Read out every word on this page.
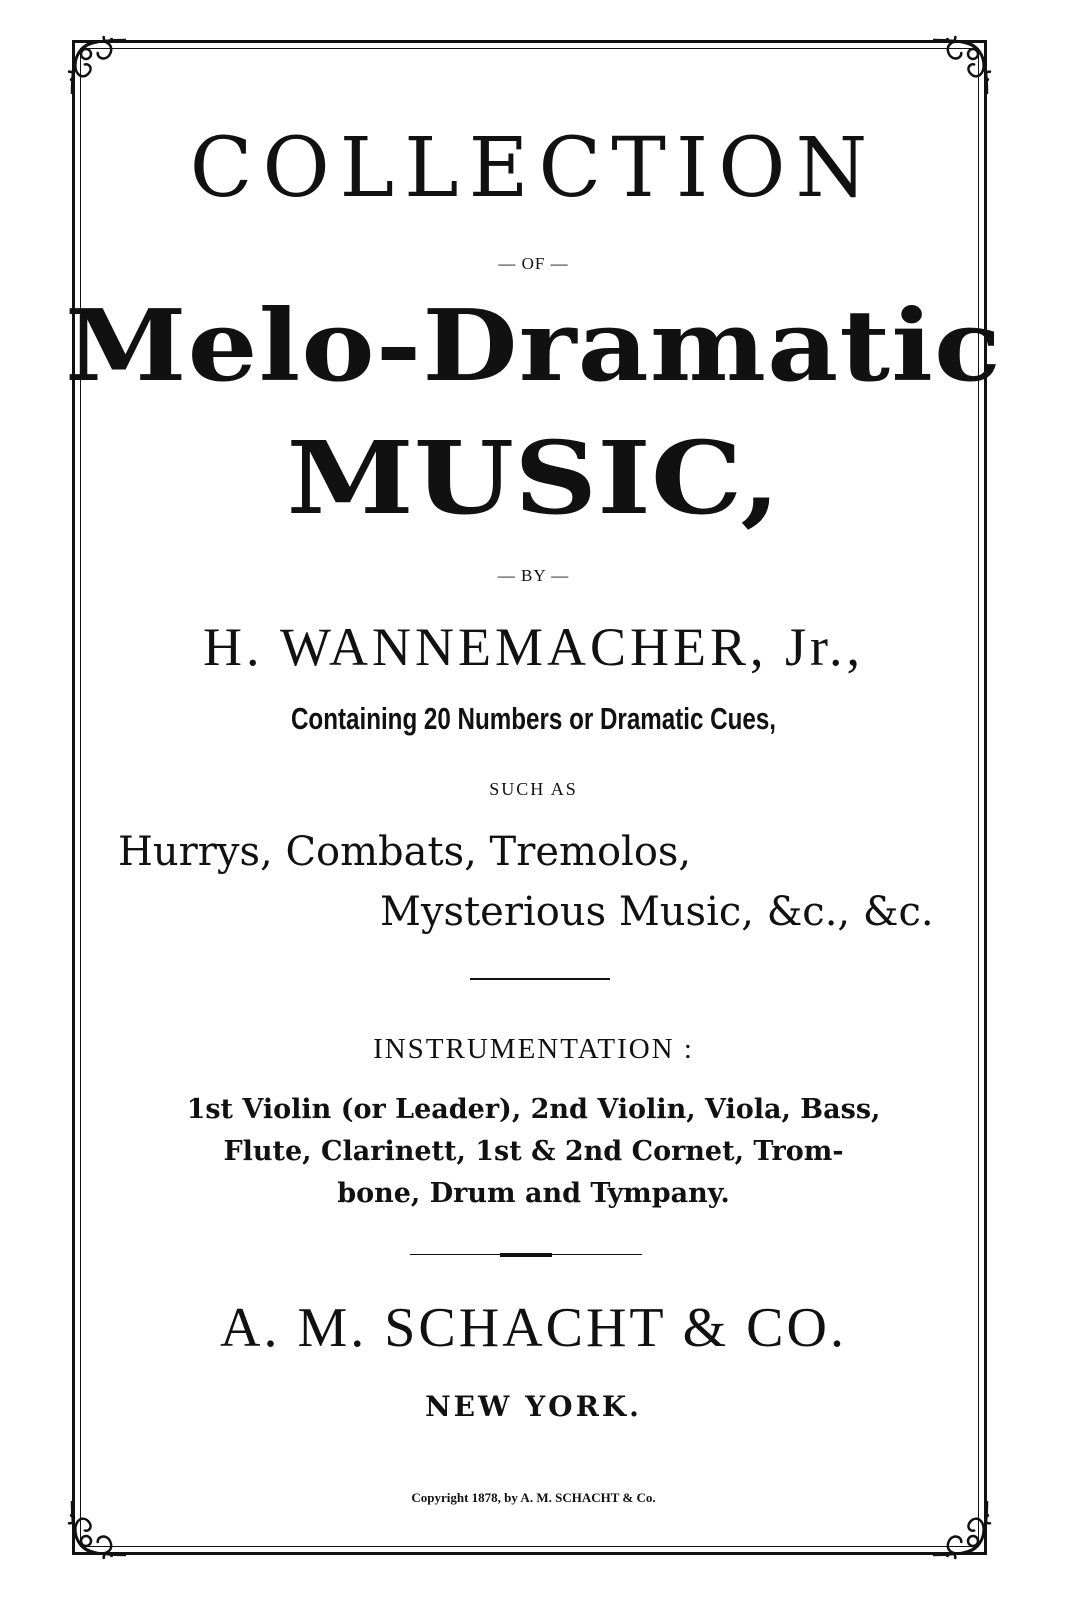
COLLECTION
— OF —
Melo-Dramatic
MUSIC,
— BY —
H. WANNEMACHER, Jr.,
Containing 20 Numbers or Dramatic Cues,
SUCH AS
Hurrys, Combats, Tremolos,
Mysterious Music, &c., &c.
INSTRUMENTATION :
1st Violin (or Leader), 2nd Violin, Viola, Bass,
Flute, Clarinett, 1st & 2nd Cornet, Trom-
bone, Drum and Tympany.
A. M. SCHACHT & CO.
NEW YORK.
Copyright 1878, by A. M. SCHACHT & Co.
